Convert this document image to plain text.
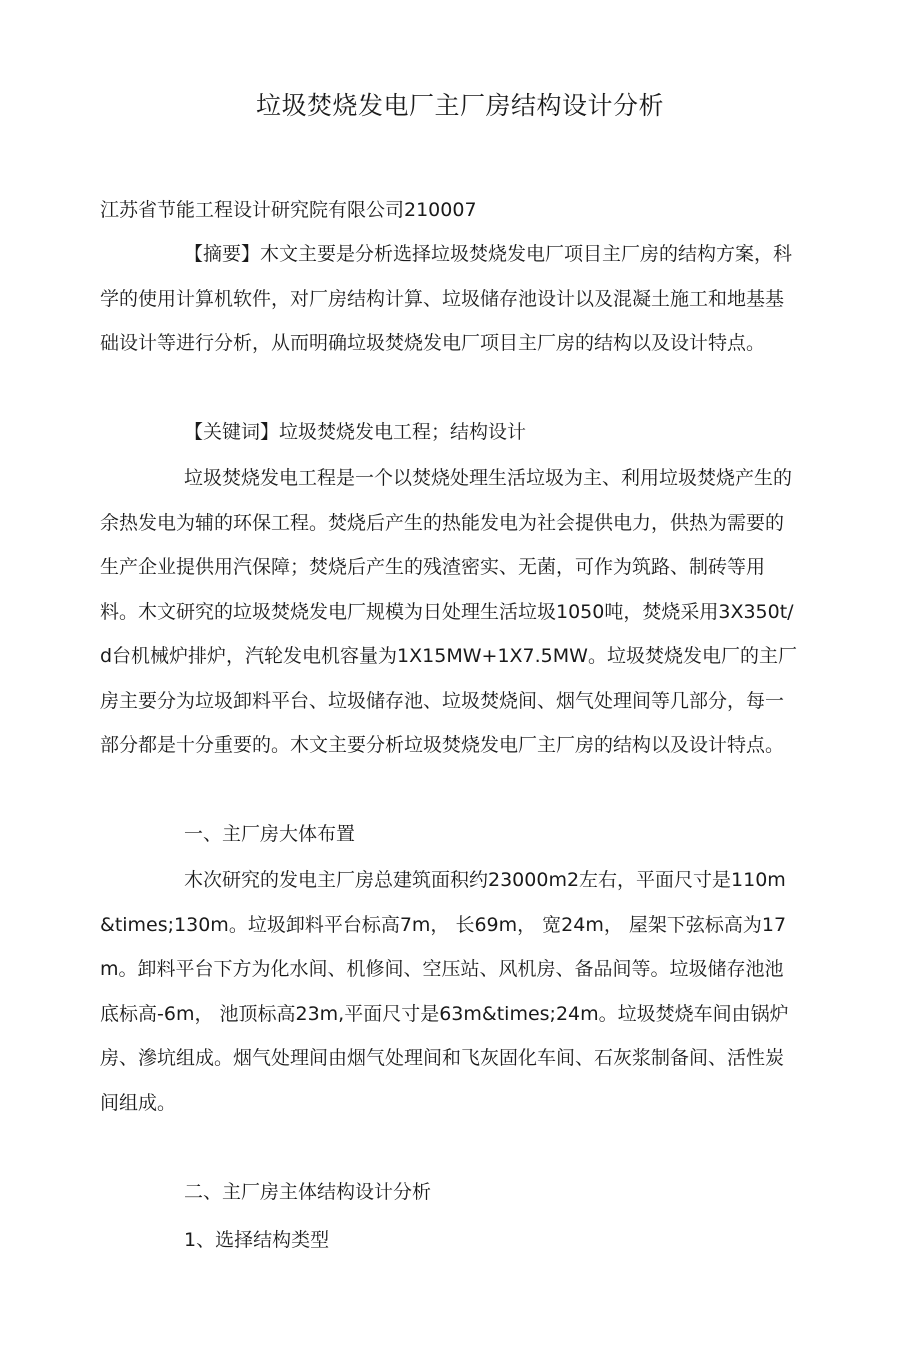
垃圾焚烧发电厂主厂房结构设计分析

江苏省节能工程设计研究院有限公司210007

【摘要】木文主要是分析选择垃圾焚烧发电厂项目主厂房的结构方案，科学的使用计算机软件，对厂房结构计算、垃圾储存池设计以及混凝土施工和地基基础设计等进行分析，从而明确垃圾焚烧发电厂项目主厂房的结构以及设计特点。

【关键词】垃圾焚烧发电工程；结构设计

垃圾焚烧发电工程是一个以焚烧处理生活垃圾为主、利用垃圾焚烧产生的余热发电为辅的环保工程。焚烧后产生的热能发电为社会提供电力，供热为需要的生产企业提供用汽保障；焚烧后产生的残渣密实、无菌，可作为筑路、制砖等用料。木文研究的垃圾焚烧发电厂规模为日处理生活垃圾1050吨，焚烧采用3X350t/d台机械炉排炉，汽轮发电机容量为1X15MW+1X7.5MW。垃圾焚烧发电厂的主厂房主要分为垃圾卸料平台、垃圾储存池、垃圾焚烧间、烟气处理间等几部分，每一部分都是十分重要的。木文主要分析垃圾焚烧发电厂主厂房的结构以及设计特点。

一、主厂房大体布置

木次研究的发电主厂房总建筑面积约23000m2左右，平面尺寸是110m&times;130m。垃圾卸料平台标高7m， 长69m， 宽24m， 屋架下弦标高为17m。卸料平台下方为化水间、机修间、空压站、风机房、备品间等。垃圾储存池池底标高-6m， 池顶标高23m,平面尺寸是63m&times;24m。垃圾焚烧车间由锅炉房、滲坑组成。烟气处理间由烟气处理间和飞灰固化车间、石灰浆制备间、活性炭间组成。

二、主厂房主体结构设计分析

1、选择结构类型
